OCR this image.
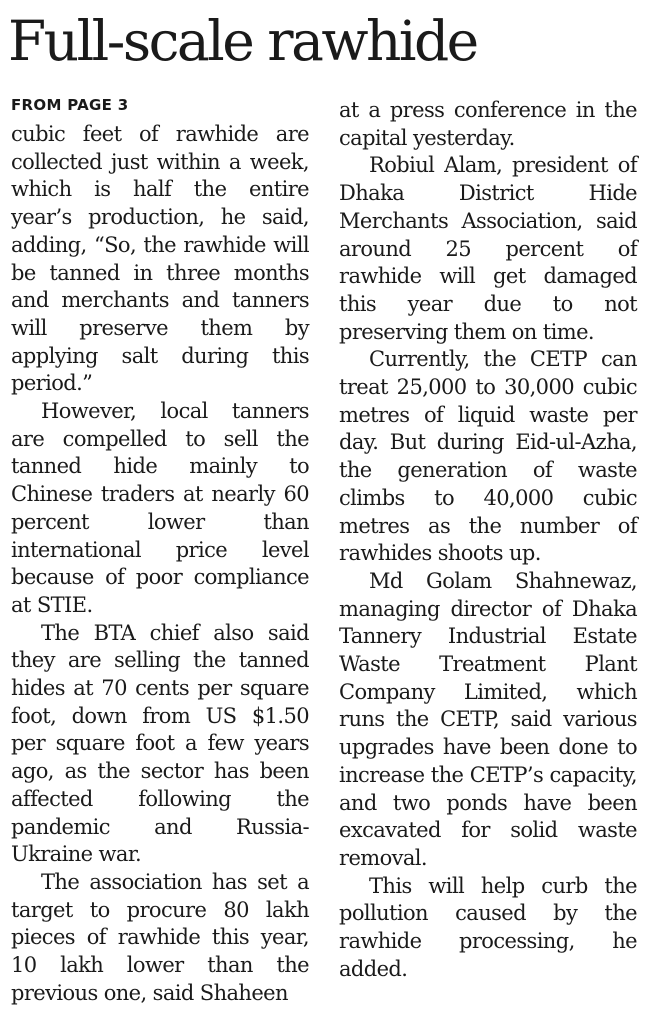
Full-scale rawhide
FROM PAGE 3

cubic feet of rawhide are collected just within a week, which is half the entire year’s production, he said, adding, “So, the rawhide will be tanned in three months and merchants and tanners will preserve them by applying salt during this period.”

However, local tanners are compelled to sell the tanned hide mainly to Chinese traders at nearly 60 percent lower than international price level because of poor compliance at STIE.

The BTA chief also said they are selling the tanned hides at 70 cents per square foot, down from US $1.50 per square foot a few years ago, as the sector has been affected following the pandemic and Russia-Ukraine war.

The association has set a target to procure 80 lakh pieces of rawhide this year, 10 lakh lower than the previous one, said Shaheen

at a press conference in the capital yesterday.

Robiul Alam, president of Dhaka District Hide Merchants Association, said around 25 percent of rawhide will get damaged this year due to not preserving them on time.

Currently, the CETP can treat 25,000 to 30,000 cubic metres of liquid waste per day. But during Eid-ul-Azha, the generation of waste climbs to 40,000 cubic metres as the number of rawhides shoots up.

Md Golam Shahnewaz, managing director of Dhaka Tannery Industrial Estate Waste Treatment Plant Company Limited, which runs the CETP, said various upgrades have been done to increase the CETP’s capacity, and two ponds have been excavated for solid waste removal.

This will help curb the pollution caused by the rawhide processing, he added.
